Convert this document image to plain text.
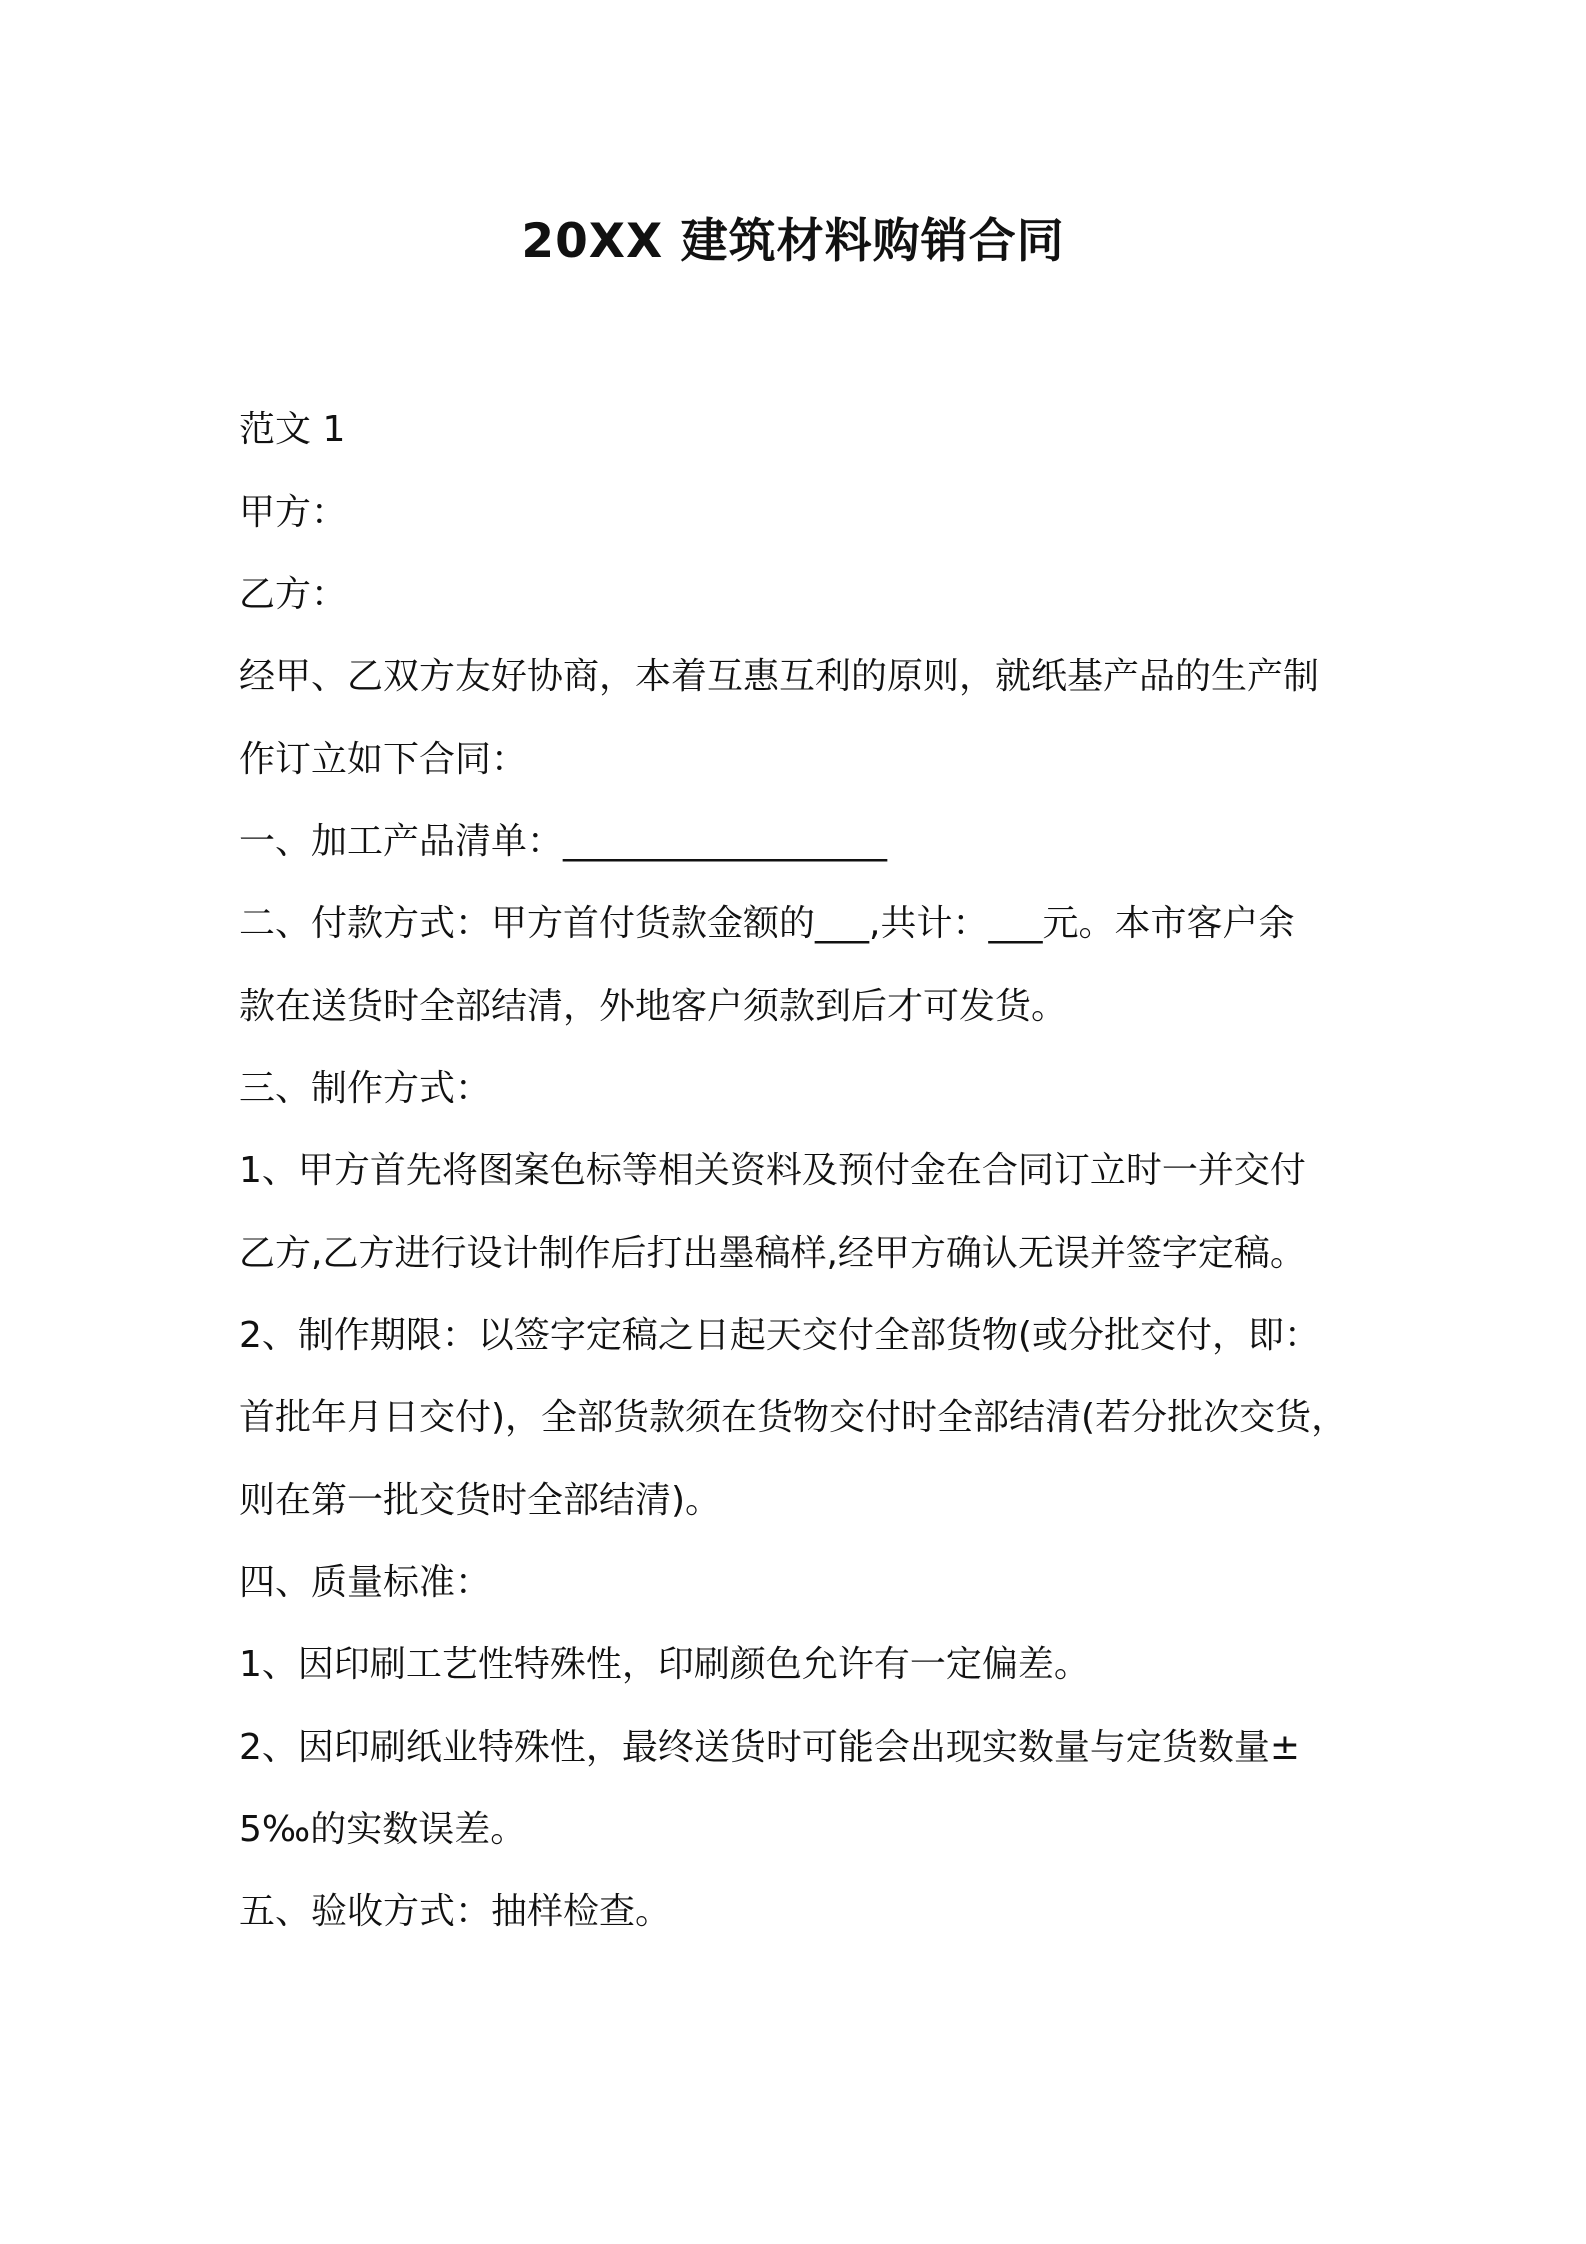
20XX 建筑材料购销合同

范文 1

甲方：

乙方：

经甲、乙双方友好协商，本着互惠互利的原则，就纸基产品的生产制

作订立如下合同：

一、加工产品清单：__________________

二、付款方式：甲方首付货款金额的___,共计：___元。本市客户余

款在送货时全部结清，外地客户须款到后才可发货。

三、制作方式：

1、甲方首先将图案色标等相关资料及预付金在合同订立时一并交付

乙方,乙方进行设计制作后打出墨稿样,经甲方确认无误并签字定稿。

2、制作期限：以签字定稿之日起天交付全部货物(或分批交付，即：

首批年月日交付)，全部货款须在货物交付时全部结清(若分批次交货，

则在第一批交货时全部结清)。

四、质量标准：

1、因印刷工艺性特殊性，印刷颜色允许有一定偏差。

2、因印刷纸业特殊性，最终送货时可能会出现实数量与定货数量±

5‰的实数误差。

五、验收方式：抽样检查。
